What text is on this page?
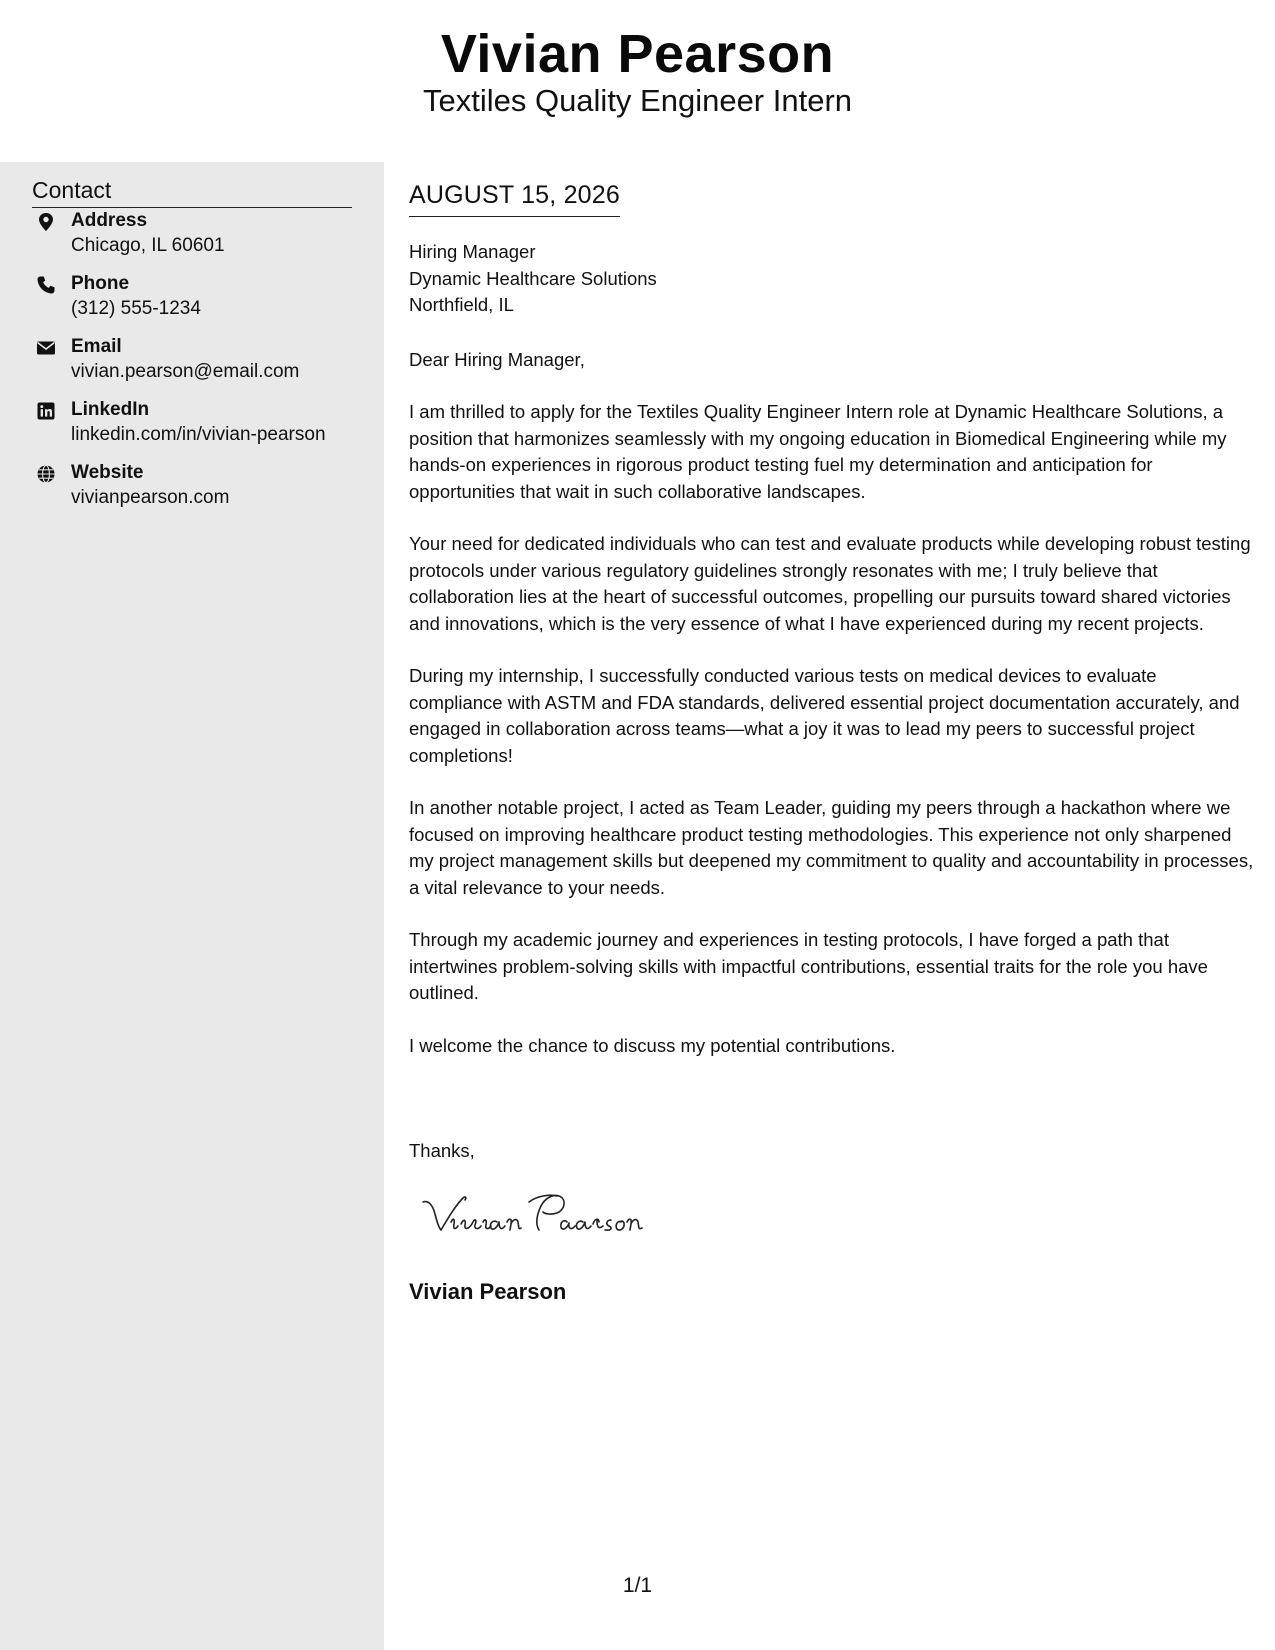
Vivian Pearson
Textiles Quality Engineer Intern
Contact
Address
Chicago, IL 60601
Phone
(312) 555-1234
Email
vivian.pearson@email.com
LinkedIn
linkedin.com/in/vivian-pearson
Website
vivianpearson.com
AUGUST 15, 2026
Hiring Manager
Dynamic Healthcare Solutions
Northfield, IL
Dear Hiring Manager,

I am thrilled to apply for the Textiles Quality Engineer Intern role at Dynamic Healthcare Solutions, a position that harmonizes seamlessly with my ongoing education in Biomedical Engineering while my hands-on experiences in rigorous product testing fuel my determination and anticipation for opportunities that wait in such collaborative landscapes.

Your need for dedicated individuals who can test and evaluate products while developing robust testing protocols under various regulatory guidelines strongly resonates with me; I truly believe that collaboration lies at the heart of successful outcomes, propelling our pursuits toward shared victories and innovations, which is the very essence of what I have experienced during my recent projects.

During my internship, I successfully conducted various tests on medical devices to evaluate compliance with ASTM and FDA standards, delivered essential project documentation accurately, and engaged in collaboration across teams—what a joy it was to lead my peers to successful project completions!

In another notable project, I acted as Team Leader, guiding my peers through a hackathon where we focused on improving healthcare product testing methodologies. This experience not only sharpened my project management skills but deepened my commitment to quality and accountability in processes, a vital relevance to your needs.

Through my academic journey and experiences in testing protocols, I have forged a path that intertwines problem-solving skills with impactful contributions, essential traits for the role you have outlined.

I welcome the chance to discuss my potential contributions.

Thanks,
Vivian Pearson
1/1
